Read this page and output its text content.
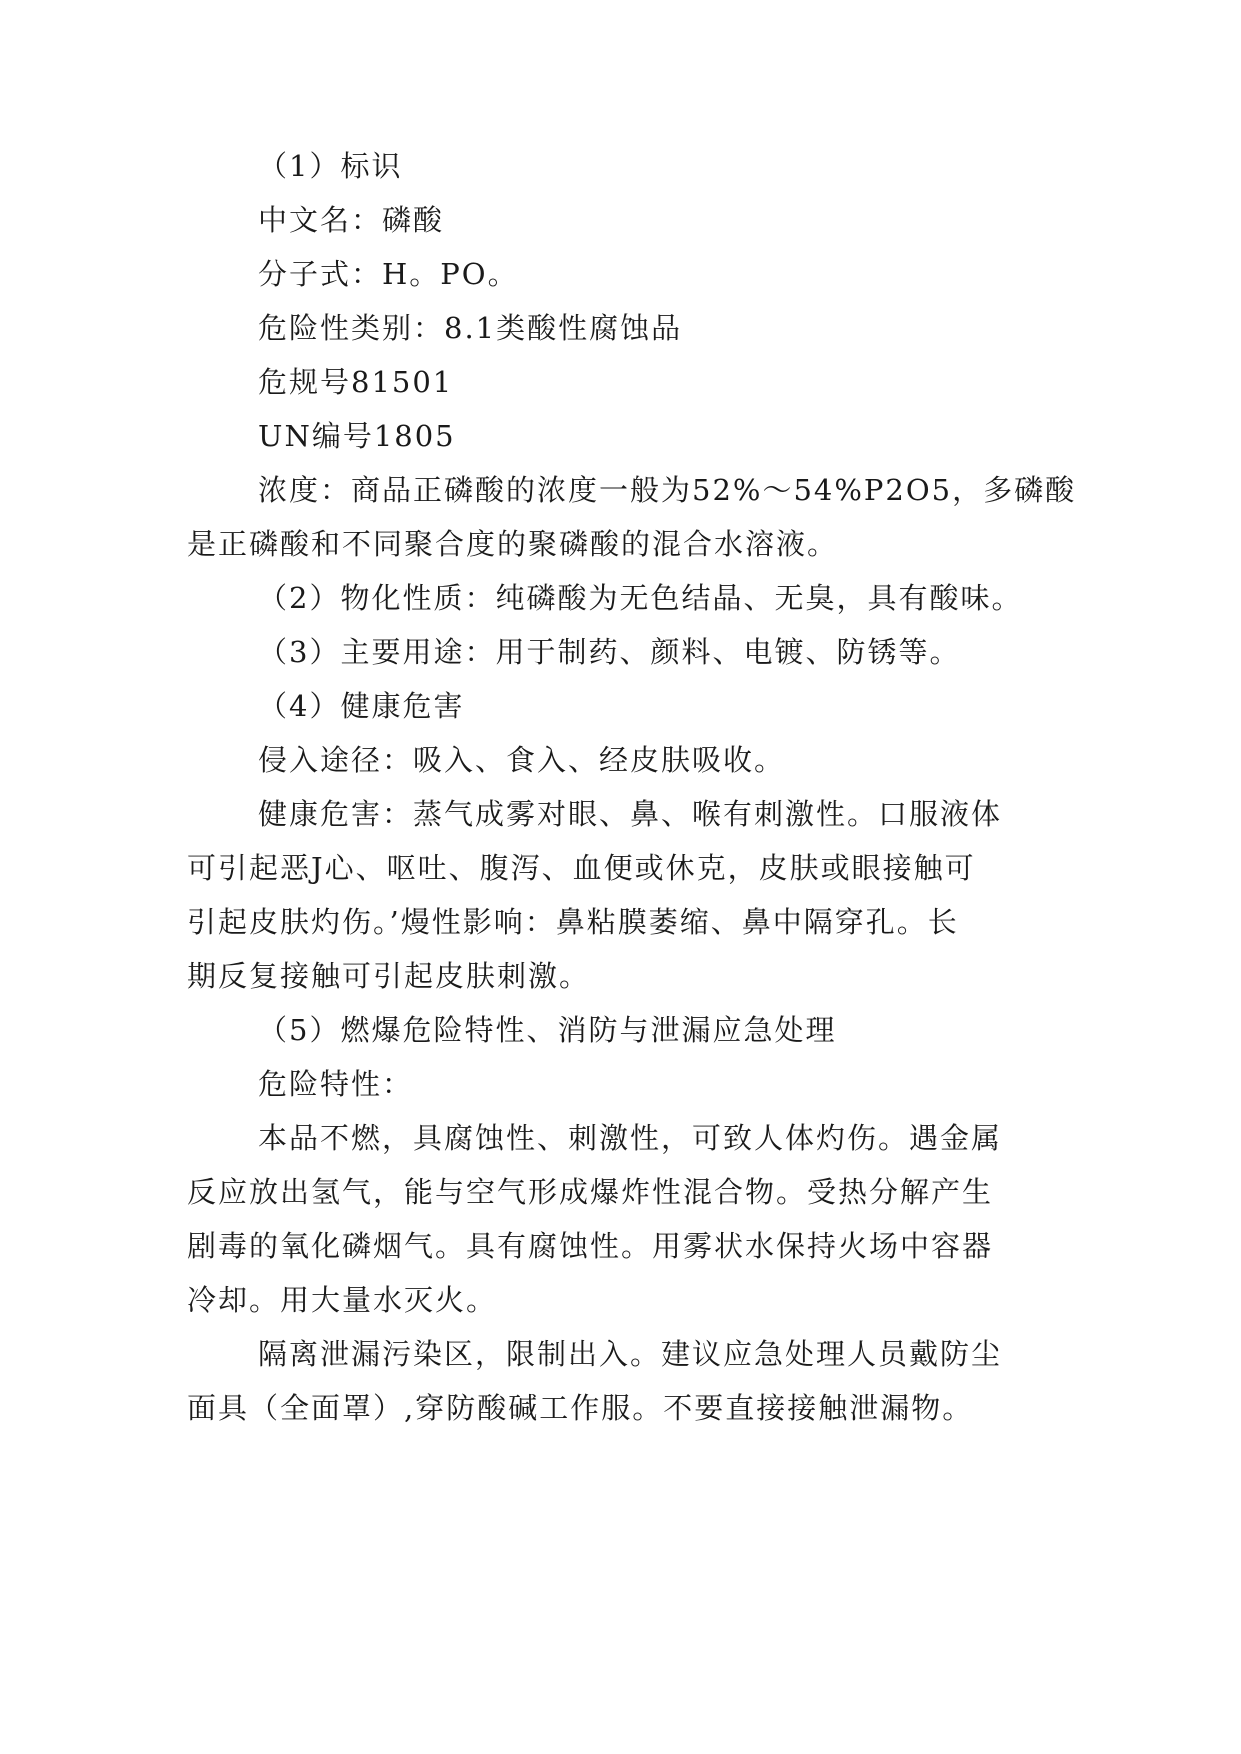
（1）标识
中文名：磷酸
分子式：H。PO。
危险性类别：8.1类酸性腐蚀品
危规号81501
UN编号1805
浓度：商品正磷酸的浓度一般为52%～54%P2O5，多磷酸
是正磷酸和不同聚合度的聚磷酸的混合水溶液。
（2）物化性质：纯磷酸为无色结晶、无臭，具有酸味。
（3）主要用途：用于制药、颜料、电镀、防锈等。
（4）健康危害
侵入途径：吸入、食入、经皮肤吸收。
健康危害：蒸气成雾对眼、鼻、喉有刺激性。口服液体
可引起恶J心、呕吐、腹泻、血便或休克，皮肤或眼接触可
引起皮肤灼伤。’熳性影响：鼻粘膜萎缩、鼻中隔穿孔。长
期反复接触可引起皮肤刺激。
（5）燃爆危险特性、消防与泄漏应急处理
危险特性：
本品不燃，具腐蚀性、刺激性，可致人体灼伤。遇金属
反应放出氢气，能与空气形成爆炸性混合物。受热分解产生
剧毒的氧化磷烟气。具有腐蚀性。用雾状水保持火场中容器
冷却。用大量水灭火。
隔离泄漏污染区，限制出入。建议应急处理人员戴防尘
面具（全面罩）,穿防酸碱工作服。不要直接接触泄漏物。
